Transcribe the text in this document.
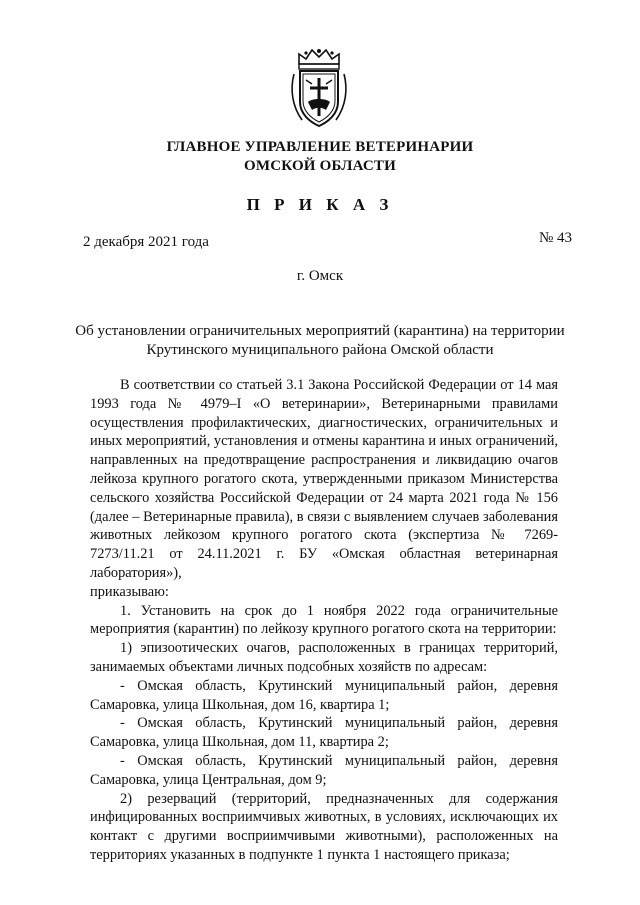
ГЛАВНОЕ УПРАВЛЕНИЕ ВЕТЕРИНАРИИ
ОМСКОЙ ОБЛАСТИ
П Р И К А З
2 декабря 2021 года	№ 43
г. Омск
Об установлении ограничительных мероприятий (карантина) на территории
Крутинского муниципального района Омской области

В соответствии со статьей 3.1 Закона Российской Федерации от 14 мая 1993 года № 4979–I «О ветеринарии», Ветеринарными правилами осуществления профилактических, диагностических, ограничительных и иных мероприятий, установления и отмены карантина и иных ограничений, направленных на предотвращение распространения и ликвидацию очагов лейкоза крупного рогатого скота, утвержденными приказом Министерства сельского хозяйства Российской Федерации от 24 марта 2021 года № 156 (далее – Ветеринарные правила), в связи с выявлением случаев заболевания животных лейкозом крупного рогатого скота (экспертиза № 7269-7273/11.21 от 24.11.2021 г. БУ «Омская областная ветеринарная лаборатория»),

приказываю:

1. Установить на срок до 1 ноября 2022 года ограничительные мероприятия (карантин) по лейкозу крупного рогатого скота на территории:

1) эпизоотических очагов, расположенных в границах территорий, занимаемых объектами личных подсобных хозяйств по адресам:

- Омская область, Крутинский муниципальный район, деревня Самаровка, улица Школьная, дом 16, квартира 1;

- Омская область, Крутинский муниципальный район, деревня Самаровка, улица Школьная, дом 11, квартира 2;

- Омская область, Крутинский муниципальный район, деревня Самаровка, улица Центральная, дом 9;

2) резерваций (территорий, предназначенных для содержания инфицированных восприимчивых животных, в условиях, исключающих их контакт с другими восприимчивыми животными), расположенных на территориях указанных в подпункте 1 пункта 1 настоящего приказа;
